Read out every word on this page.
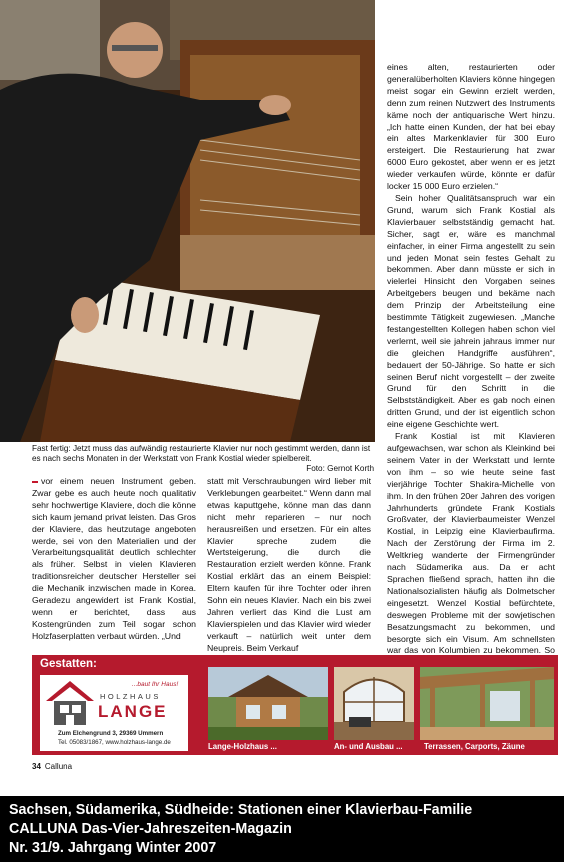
Fast fertig: Jetzt muss das aufwändig restaurierte Klavier nur noch gestimmt werden, dann ist es nach sechs Monaten in der Werkstatt von Frank Kostial wieder spielbereit.
Foto: Gernot Korth

vor einem neuen Instrument geben. Zwar gebe es auch heute noch qualitativ sehr hochwertige Klaviere, doch die könne sich kaum jemand privat leisten. Das Gros der Klaviere, das heutzutage angeboten werde, sei von den Materialien und der Verarbeitungsqualität deutlich schlechter als früher. Selbst in vielen Klavieren traditionsreicher deutscher Hersteller sei die Mechanik inzwischen made in Korea. Geradezu angewidert ist Frank Kostial, wenn er berichtet, dass aus Kostengründen zum Teil sogar schon Holzfaserplatten verbaut würden. „Und

statt mit Verschraubungen wird lieber mit Verklebungen gearbeitet.“ Wenn dann mal etwas kaputtgehe, könne man das dann nicht mehr reparieren – nur noch herausreißen und ersetzen. Für ein altes Klavier spreche zudem die Wertsteigerung, die durch die Restauration erzielt werden könne. Frank Kostial erklärt das an einem Beispiel: Eltern kaufen für ihre Tochter oder ihren Sohn ein neues Klavier. Nach ein bis zwei Jahren verliert das Kind die Lust am Klavierspielen und das Klavier wird wieder verkauft – natürlich weit unter dem Neupreis. Beim Verkauf

eines alten, restaurierten oder generalüberholten Klaviers könne hingegen meist sogar ein Gewinn erzielt werden, denn zum reinen Nutzwert des Instruments käme noch der antiquarische Wert hinzu. „Ich hatte einen Kunden, der hat bei ebay ein altes Markenklavier für 300 Euro ersteigert. Die Restaurierung hat zwar 6000 Euro gekostet, aber wenn er es jetzt wieder verkaufen würde, könnte er dafür locker 15 000 Euro erzielen.“

Sein hoher Qualitätsanspruch war ein Grund, warum sich Frank Kostial als Klavierbauer selbstständig gemacht hat. Sicher, sagt er, wäre es manchmal einfacher, in einer Firma angestellt zu sein und jeden Monat sein festes Gehalt zu bekommen. Aber dann müsste er sich in vielerlei Hinsicht den Vorgaben seines Arbeitgebers beugen und bekäme nach dem Prinzip der Arbeitsteilung eine bestimmte Tätigkeit zugewiesen. „Manche festangestellten Kollegen haben schon viel verlernt, weil sie jahrein jahraus immer nur die gleichen Handgriffe ausführen“, bedauert der 50-Jährige. So hatte er sich seinen Beruf nicht vorgestellt – der zweite Grund für den Schritt in die Selbstständigkeit. Aber es gab noch einen dritten Grund, und der ist eigentlich schon eine eigene Geschichte wert.

Frank Kostial ist mit Klavieren aufgewachsen, war schon als Kleinkind bei seinem Vater in der Werkstatt und lernte von ihm – so wie heute seine fast vierjährige Tochter Shakira-Michelle von ihm. In den frühen 20er Jahren des vorigen Jahrhunderts gründete Frank Kostials Großvater, der Klavierbaumeister Wenzel Kostial, in Leipzig eine Klavierbaufirma. Nach der Zerstörung der Firma im 2. Weltkrieg wanderte der Firmengründer nach Südamerika aus. Da er acht Sprachen fließend sprach, hatten ihn die Nationalsozialisten häufig als Dolmetscher eingesetzt. Wenzel Kostial befürchtete, deswegen Probleme mit der sowjetischen Besatzungsmacht zu bekommen, und besorgte sich ein Visum. Am schnellsten war das von Kolumbien zu bekommen. So

Gestatten:
...baut Ihr Haus!
HOLZHAUS
LANGE
Zum Elchengrund 3, 29369 Ummern
Tel. 05083/1867, www.holzhaus-lange.de	Lange-Holzhaus ...	An- und Ausbau ...	Terrassen, Carports, Zäune
34 Calluna
Sachsen, Südamerika, Südheide: Stationen einer Klavierbau-Familie
CALLUNA Das-Vier-Jahreszeiten-Magazin
Nr. 31/9. Jahrgang Winter 2007
